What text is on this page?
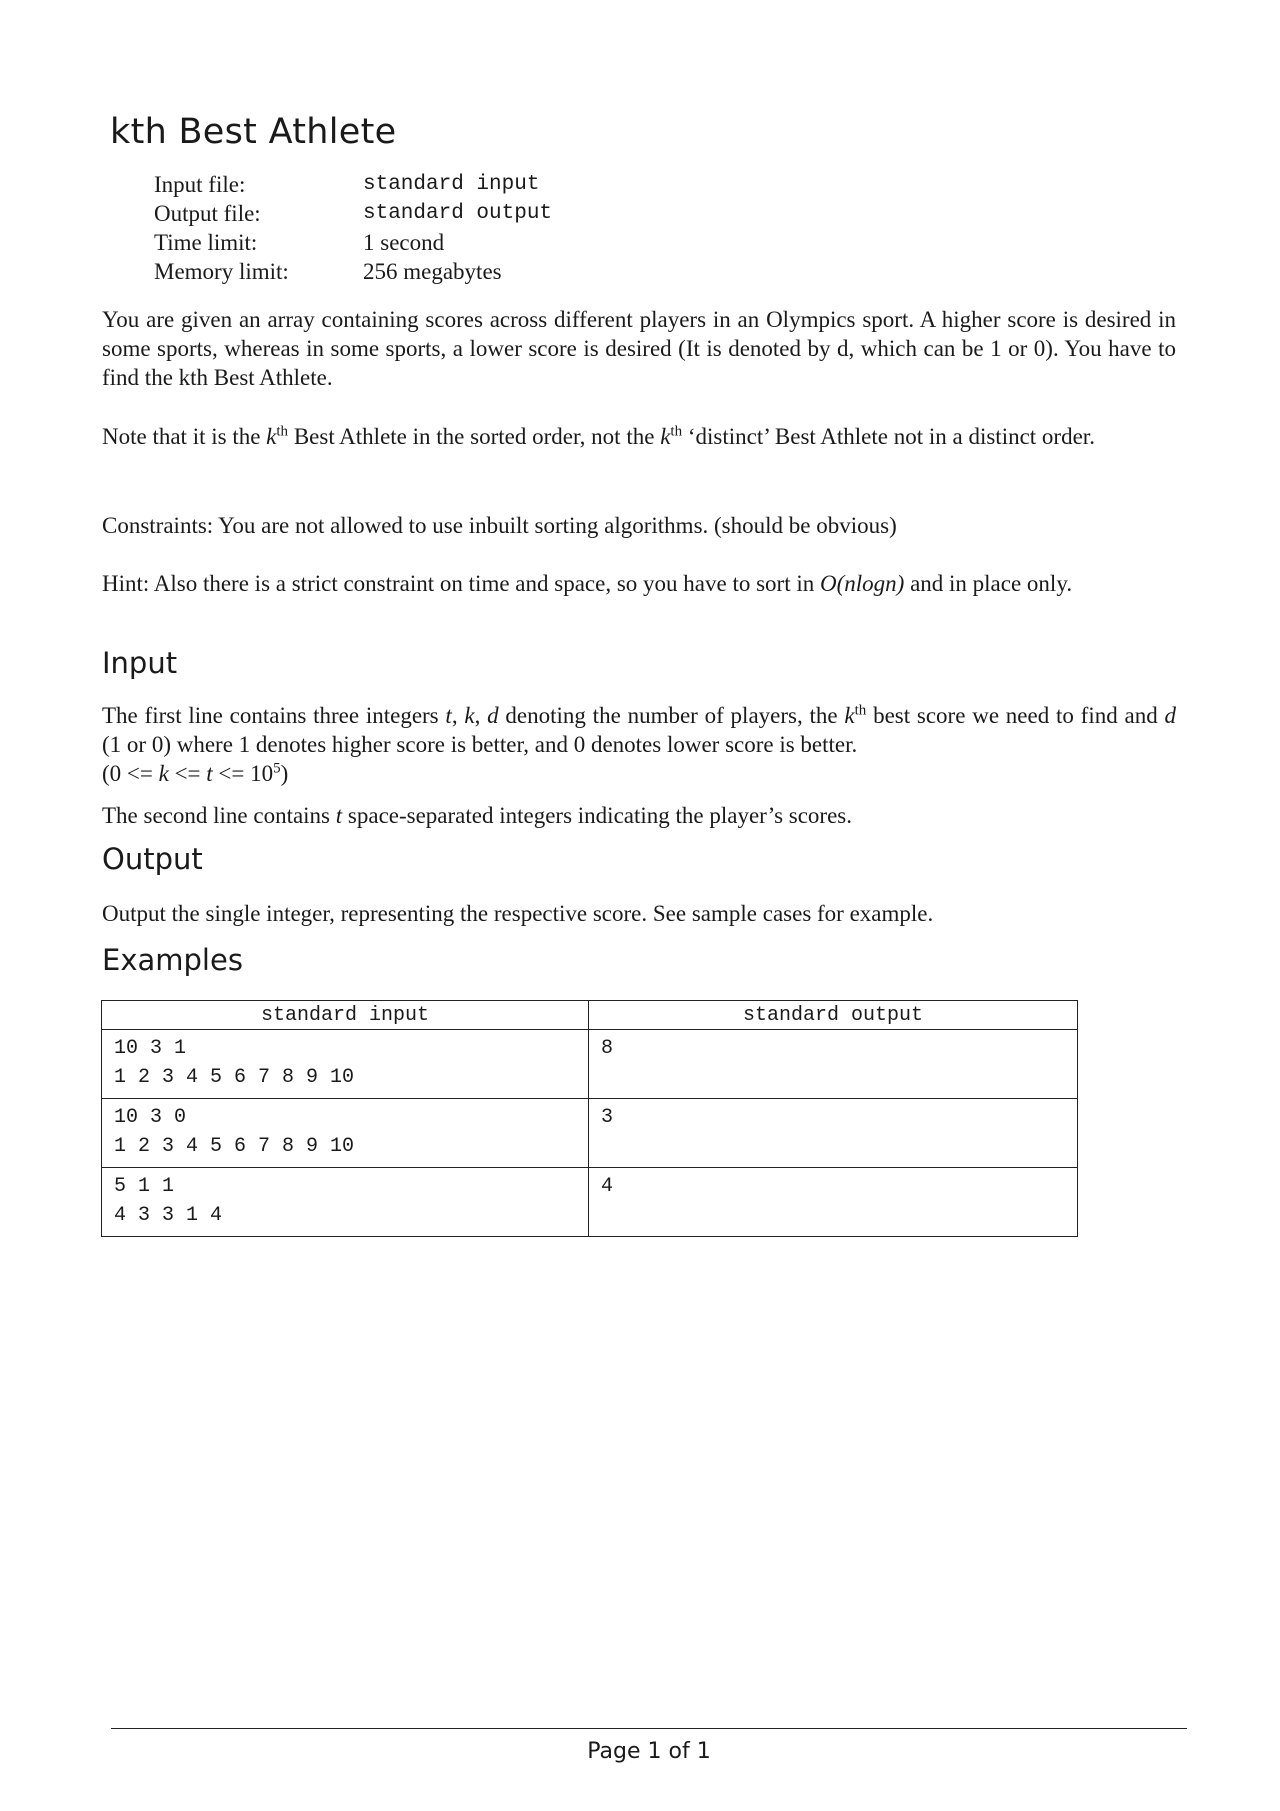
kth Best Athlete
Input file:	standard input
Output file:	standard output
Time limit:	1 second
Memory limit:	256 megabytes

You are given an array containing scores across different players in an Olympics sport. A higher score is desired in some sports, whereas in some sports, a lower score is desired (It is denoted by d, which can be 1 or 0). You have to find the kth Best Athlete.

Note that it is the $k^{th}$ Best Athlete in the sorted order, not the $k^{th}$ ‘distinct’ Best Athlete not in a distinct order.

Constraints: You are not allowed to use inbuilt sorting algorithms. (should be obvious)

Hint: Also there is a strict constraint on time and space, so you have to sort in O(nlogn) and in place only.

Input

The first line contains three integers t, k, d denoting the number of players, the $k^{th}$ best score we need to find and d (1 or 0) where 1 denotes higher score is better, and 0 denotes lower score is better.
$(0 <= k <= t <= 10^5)$

The second line contains t space-separated integers indicating the player’s scores.

Output

Output the single integer, representing the respective score. See sample cases for example.

Examples
standard input	standard output
10 3 1
1 2 3 4 5 6 7 8 9 10	8
10 3 0
1 2 3 4 5 6 7 8 9 10	3
5 1 1
4 3 3 1 4	4
Page 1 of 1
